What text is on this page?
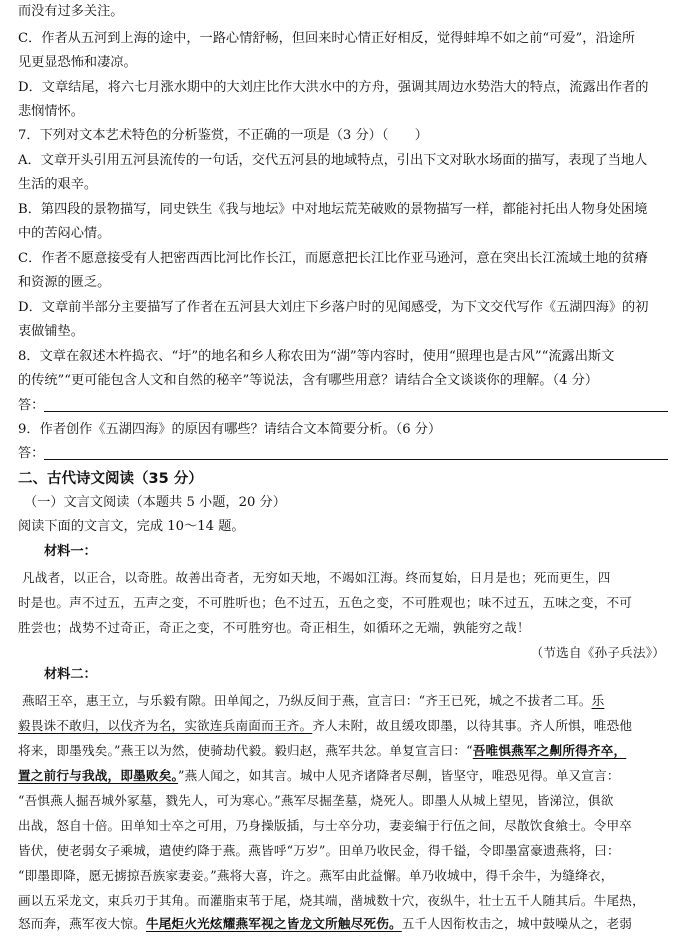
而没有过多关注。
C．作者从五河到上海的途中，一路心情舒畅，但回来时心情正好相反，觉得蚌埠不如之前“可爱”，沿途所
见更显恐怖和凄凉。
D．文章结尾，将六七月涨水期中的大刘庄比作大洪水中的方舟，强调其周边水势浩大的特点，流露出作者的
悲悯情怀。
7．下列对文本艺术特色的分析鉴赏，不正确的一项是（3 分）（　　）
A．文章开头引用五河县流传的一句话，交代五河县的地域特点，引出下文对耿水场面的描写，表现了当地人
生活的艰辛。
B．第四段的景物描写，同史铁生《我与地坛》中对地坛荒芜破败的景物描写一样，都能衬托出人物身处困境
中的苦闷心情。
C．作者不愿意接受有人把密西西比河比作长江，而愿意把长江比作亚马逊河，意在突出长江流域土地的贫瘠
和资源的匮乏。
D．文章前半部分主要描写了作者在五河县大刘庄下乡落户时的见闻感受，为下文交代写作《五湖四海》的初
衷做铺垫。
8．文章在叙述木杵捣衣、“圩”的地名和乡人称农田为“湖”等内容时，使用“照理也是古风”“流露出斯文
的传统”“更可能包含人文和自然的秘辛”等说法，含有哪些用意？请结合全文谈谈你的理解。（4 分）
答：
9．作者创作《五湖四海》的原因有哪些？请结合文本简要分析。（6 分）
答：
二、古代诗文阅读（35 分）
（一）文言文阅读（本题共 5 小题，20 分）
阅读下面的文言文，完成 10～14 题。
材料一：
凡战者，以正合，以奇胜。故善出奇者，无穷如天地，不竭如江海。终而复始，日月是也；死而更生，四
时是也。声不过五，五声之变，不可胜听也；色不过五，五色之变，不可胜观也；味不过五，五味之变，不可
胜尝也；战势不过奇正，奇正之变，不可胜穷也。奇正相生，如循环之无端，孰能穷之哉！
（节选自《孙子兵法》）
材料二：
燕昭王卒，惠王立，与乐毅有隙。田单闻之，乃纵反间于燕，宣言曰：“齐王已死，城之不拔者二耳。乐
毅畏诛不敢归，以伐齐为名，实欲连兵南面而王齐。齐人未附，故且缓攻即墨，以待其事。齐人所惧，唯恐他
将来，即墨残矣。”燕王以为然，使骑劫代毅。毅归赵，燕军共忿。单复宣言曰：“吾唯惧燕军之劓所得齐卒，
置之前行与我战，即墨败矣。”燕人闻之，如其言。城中人见齐诸降者尽劓，皆坚守，唯恐见得。单又宣言：
“吾惧燕人掘吾城外冢墓，戮先人，可为寒心。”燕军尽掘垄墓，烧死人。即墨人从城上望见，皆涕泣，俱欲
出战，怒自十倍。田单知士卒之可用，乃身操版插，与士卒分功，妻妾编于行伍之间，尽散饮食飨士。令甲卒
皆伏，使老弱女子乘城，遣使约降于燕。燕皆呼“万岁”。田单乃收民金，得千镒，令即墨富豪遗燕将，曰：
“即墨即降，愿无掳掠吾族家妻妾。”燕将大喜，许之。燕军由此益懈。单乃收城中，得千余牛，为缝绛衣，
画以五采龙文，束兵刃于其角。而灌脂束苇于尾，烧其端，凿城数十穴，夜纵牛，壮士五千人随其后。牛尾热，
怒而奔，燕军夜大惊。牛尾炬火光炫耀燕军视之皆龙文所触尽死伤。五千人因衔枚击之，城中鼓噪从之，老弱
